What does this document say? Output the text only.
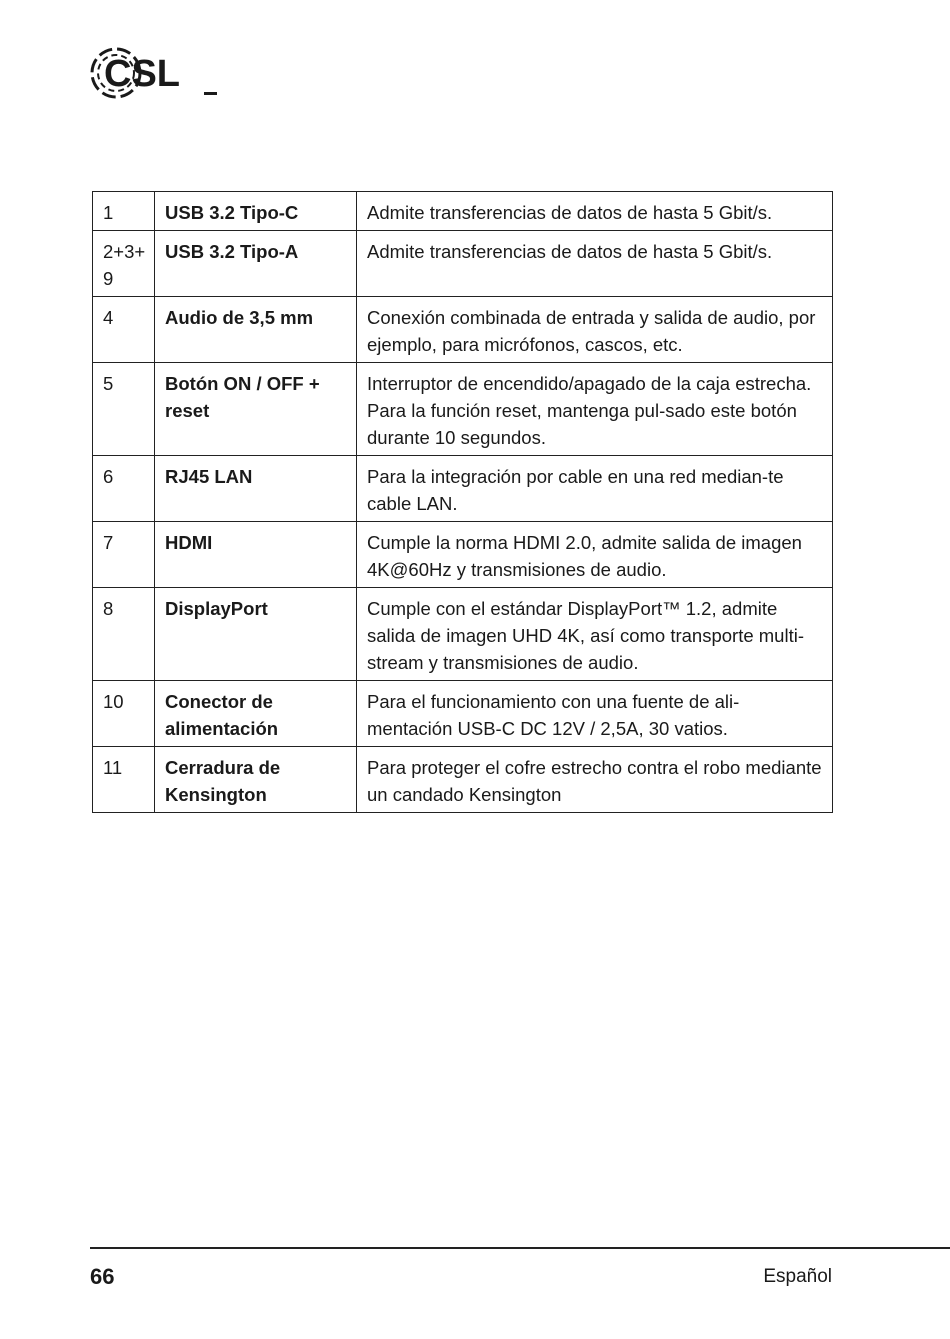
CSL
1	USB 3.2 Tipo-C	Admite transferencias de datos de hasta 5 Gbit/s.
2+3+
9	USB 3.2 Tipo-A	Admite transferencias de datos de hasta 5 Gbit/s.
4	Audio de 3,5 mm	Conexión combinada de entrada y salida de audio, por ejemplo, para micrófonos, cascos, etc.
5	Botón ON / OFF + reset	Interruptor de encendido/apagado de la caja estrecha. Para la función reset, mantenga pul-sado este botón durante 10 segundos.
6	RJ45 LAN	Para la integración por cable en una red median-te cable LAN.
7	HDMI	Cumple la norma HDMI 2.0, admite salida de imagen 4K@60Hz y transmisiones de audio.
8	DisplayPort	Cumple con el estándar DisplayPort™ 1.2, admite salida de imagen UHD 4K, así como transporte multi-stream y transmisiones de audio.
10	Conector de alimentación	Para el funcionamiento con una fuente de ali-mentación USB-C DC 12V / 2,5A, 30 vatios.
11	Cerradura de Kensington	Para proteger el cofre estrecho contra el robo mediante un candado Kensington
66	Español
